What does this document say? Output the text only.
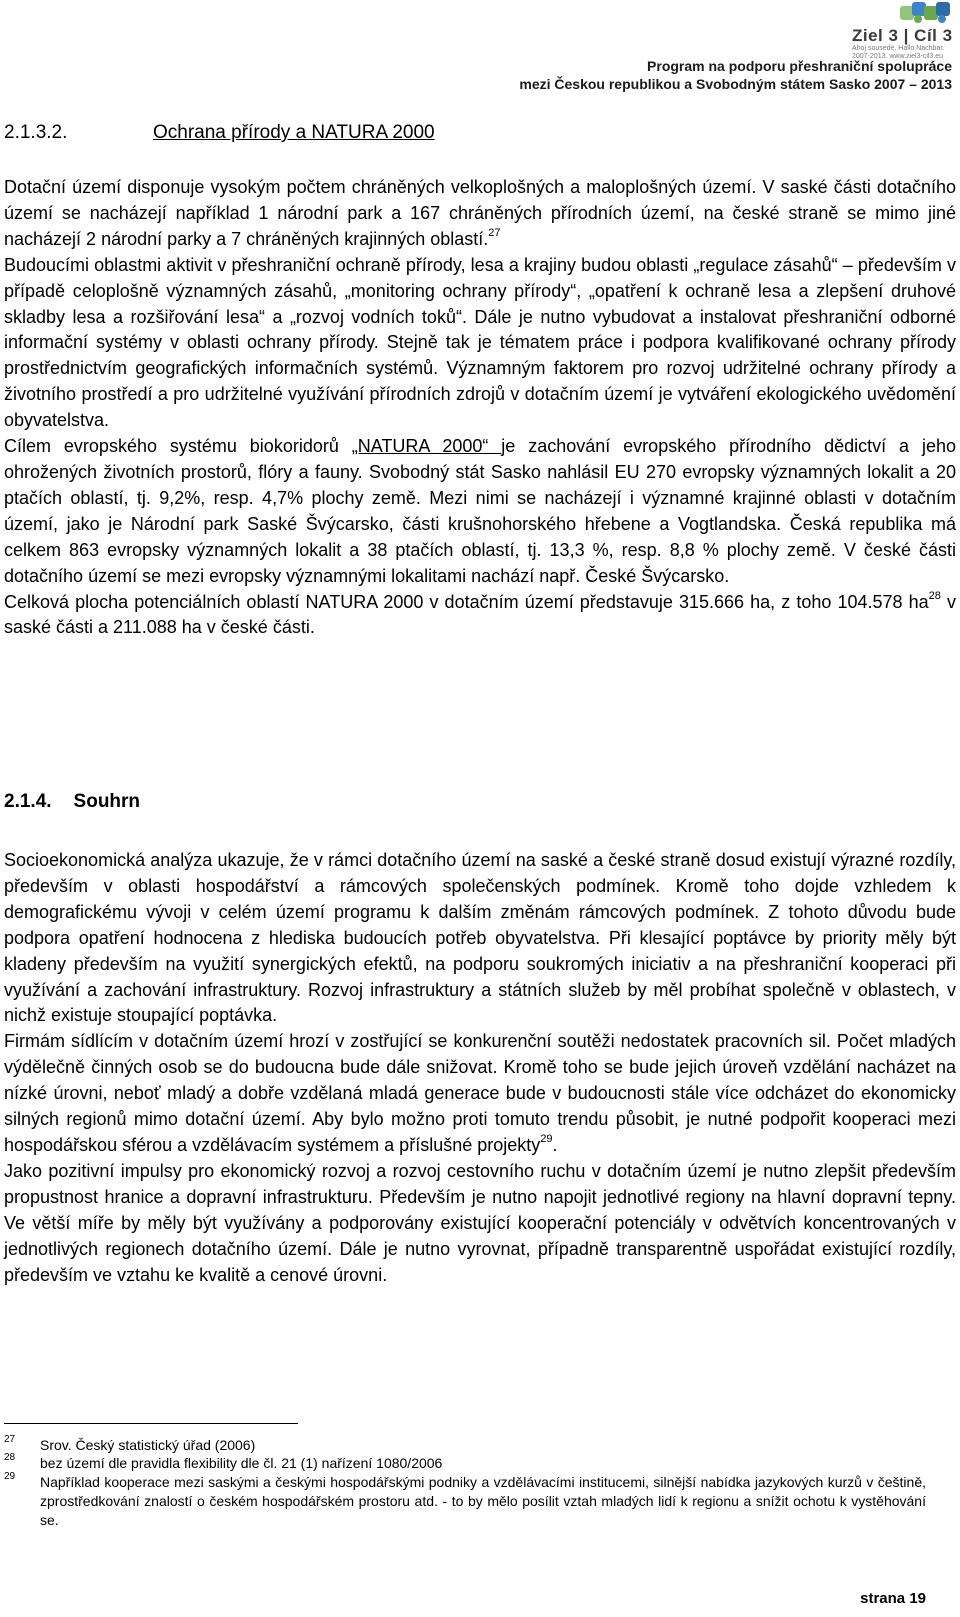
Ziel 3 | Cíl 3
Ahoj sousede. Hallo Nachbar.
2007-2013. www.ziel3-cil3.eu
Program na podporu přeshraniční spolupráce
mezi Českou republikou a Svobodným státem Sasko 2007 – 2013
2.1.3.2.	Ochrana přírody a NATURA 2000

Dotační území disponuje vysokým počtem chráněných velkoplošných a maloplošných území. V saské části dotačního území se nacházejí například 1 národní park a 167 chráněných přírodních území, na české straně se mimo jiné nacházejí 2 národní parky a 7 chráněných krajinných oblastí.$^{27}$

Budoucími oblastmi aktivit v přeshraniční ochraně přírody, lesa a krajiny budou oblasti „regulace zásahů“ – především v případě celoplošně významných zásahů, „monitoring ochrany přírody“, „opatření k ochraně lesa a zlepšení druhové skladby lesa a rozšiřování lesa“ a „rozvoj vodních toků“. Dále je nutno vybudovat a instalovat přeshraniční odborné informační systémy v oblasti ochrany přírody. Stejně tak je tématem práce i podpora kvalifikované ochrany přírody prostřednictvím geografických informačních systémů. Významným faktorem pro rozvoj udržitelné ochrany přírody a životního prostředí a pro udržitelné využívání přírodních zdrojů v dotačním území je vytváření ekologického uvědomění obyvatelstva.

Cílem evropského systému biokoridorů „NATURA 2000“ je zachování evropského přírodního dědictví a jeho ohrožených životních prostorů, flóry a fauny. Svobodný stát Sasko nahlásil EU 270 evropsky významných lokalit a 20 ptačích oblastí, tj. 9,2%, resp. 4,7% plochy země. Mezi nimi se nacházejí i významné krajinné oblasti v dotačním území, jako je Národní park Saské Švýcarsko, části krušnohorského hřebene a Vogtlandska. Česká republika má celkem 863 evropsky významných lokalit a 38 ptačích oblastí, tj. 13,3 %, resp. 8,8 % plochy země. V české části dotačního území se mezi evropsky významnými lokalitami nachází např. České Švýcarsko.

Celková plocha potenciálních oblastí NATURA 2000 v dotačním území představuje 315.666 ha, z toho 104.578 $ha^{28}$ v saské části a 211.088 ha v české části.

2.1.4. Souhrn

Socioekonomická analýza ukazuje, že v rámci dotačního území na saské a české straně dosud existují výrazné rozdíly, především v oblasti hospodářství a rámcových společenských podmínek. Kromě toho dojde vzhledem k demografickému vývoji v celém území programu k dalším změnám rámcových podmínek. Z tohoto důvodu bude podpora opatření hodnocena z hlediska budoucích potřeb obyvatelstva. Při klesající poptávce by priority měly být kladeny především na využití synergických efektů, na podporu soukromých iniciativ a na přeshraniční kooperaci při využívání a zachování infrastruktury. Rozvoj infrastruktury a státních služeb by měl probíhat společně v oblastech, v nichž existuje stoupající poptávka.

Firmám sídlícím v dotačním území hrozí v zostřující se konkurenční soutěži nedostatek pracovních sil. Počet mladých výdělečně činných osob se do budoucna bude dále snižovat. Kromě toho se bude jejich úroveň vzdělání nacházet na nízké úrovni, neboť mladý a dobře vzdělaná mladá generace bude v budoucnosti stále více odcházet do ekonomicky silných regionů mimo dotační území. Aby bylo možno proti tomuto trendu působit, je nutné podpořit kooperaci mezi hospodářskou sférou a vzdělávacím systémem a příslušné projekty$^{29}$.

Jako pozitivní impulsy pro ekonomický rozvoj a rozvoj cestovního ruchu v dotačním území je nutno zlepšit především propustnost hranice a dopravní infrastrukturu. Především je nutno napojit jednotlivé regiony na hlavní dopravní tepny. Ve větší míře by měly být využívány a podporovány existující kooperační potenciály v odvětvích koncentrovaných v jednotlivých regionech dotačního území. Dále je nutno vyrovnat, případně transparentně uspořádat existující rozdíly, především ve vztahu ke kvalitě a cenové úrovni.

27 Srov. Český statistický úřad (2006)
28 bez území dle pravidla flexibility dle čl. 21 (1) nařízení 1080/2006
29 Například kooperace mezi saskými a českými hospodářskými podniky a vzdělávacími institucemi, silnější nabídka jazykových kurzů v češtině, zprostředkování znalostí o českém hospodářském prostoru atd. - to by mělo posílit vztah mladých lidí k regionu a snížit ochotu k vystěhování se.
strana 19
